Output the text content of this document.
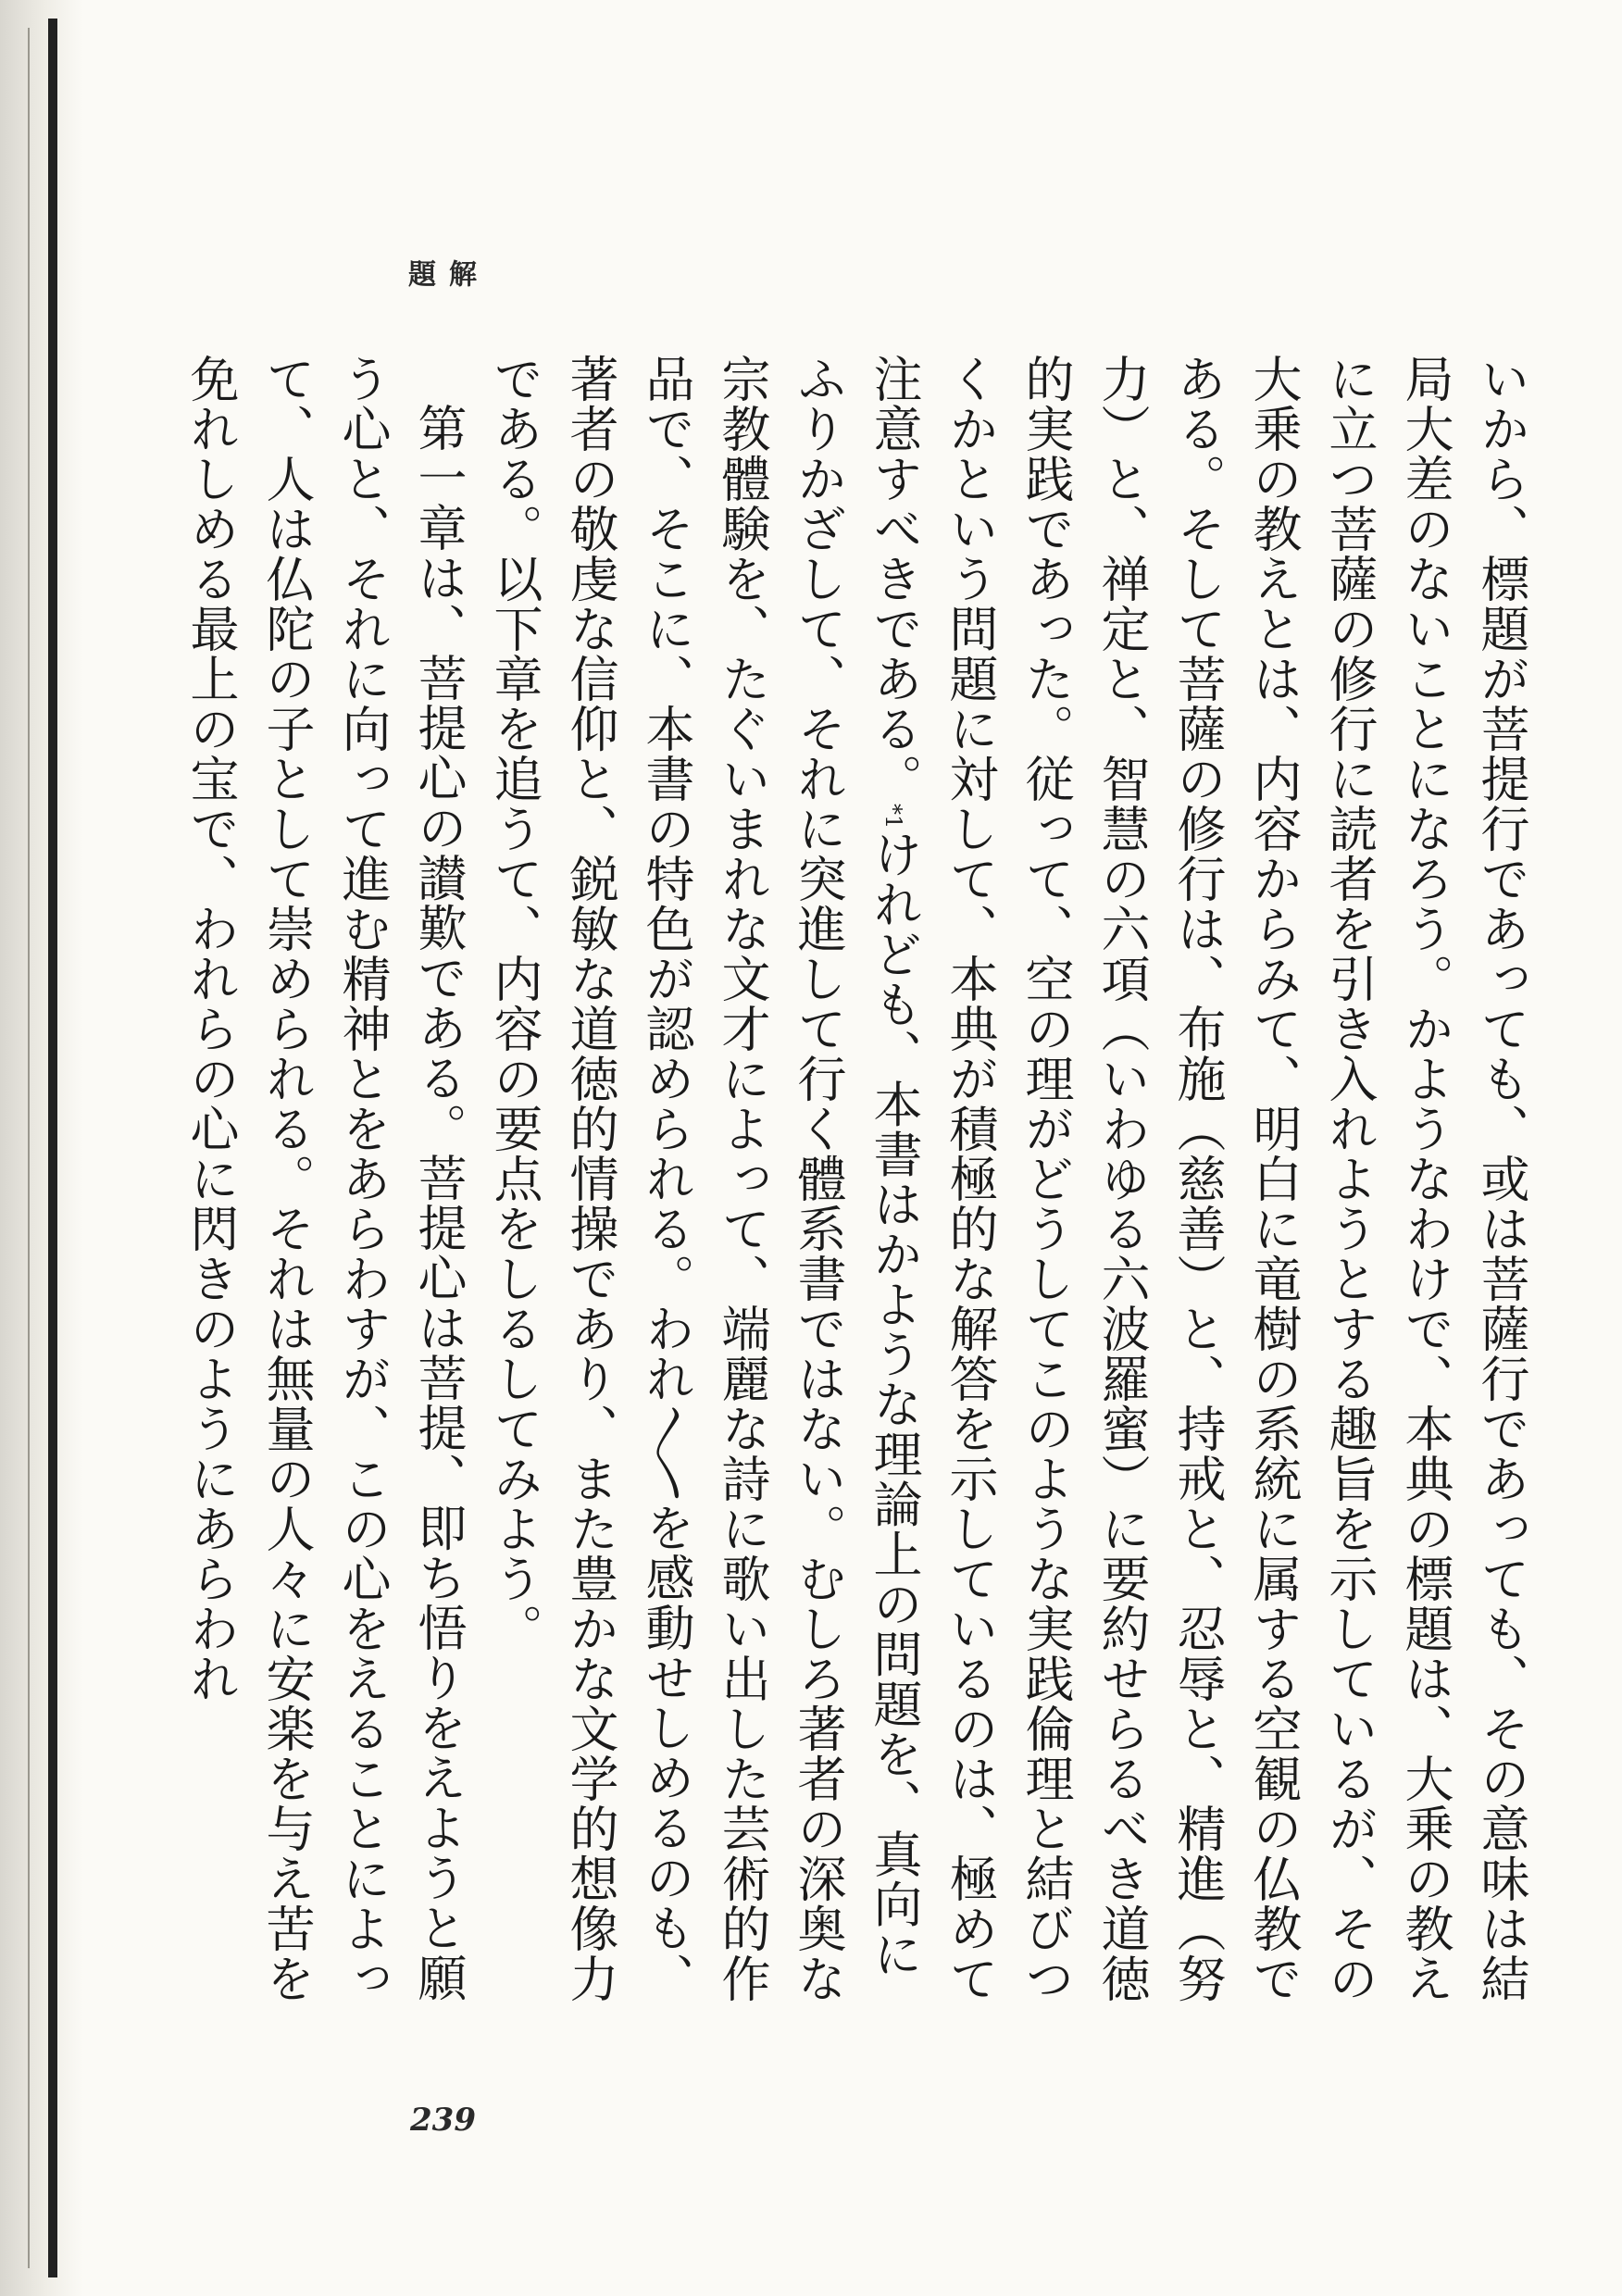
解　題

いから、標題が菩提行であっても、或は菩薩行であっても、その意味は結局大差のないことになろう。かようなわけで、本典の標題は、大乗の教えに立つ菩薩の修行に読者を引き入れようとする趣旨を示しているが、その大乗の教えとは、内容からみて、明白に竜樹の系統に属する空観の仏教である。そして菩薩の修行は、布施（慈善）と、持戒と、忍辱と、精進（努力）と、禅定と、智慧の六項（いわゆる六波羅蜜）に要約せらるべき道徳的実践であった。従って、空の理がどうしてこのような実践倫理と結びつくかという問題に対して、本典が積極的な解答を示しているのは、極めて注意すべきである。*1けれども、本書はかような理論上の問題を、真向にふりかざして、それに突進して行く體系書ではない。むしろ著者の深奥な宗教體験を、たぐいまれな文才によって、端麗な詩に歌い出した芸術的作品で、そこに、本書の特色が認められる。われ〳〵を感動せしめるのも、著者の敬虔な信仰と、鋭敏な道徳的情操であり、また豊かな文学的想像力である。以下章を追うて、内容の要点をしるしてみよう。

第一章は、菩提心の讃歎である。菩提心は菩提、即ち悟りをえようと願う心と、それに向って進む精神とをあらわすが、この心をえることによって、人は仏陀の子として崇められる。それは無量の人々に安楽を与え苦を免れしめる最上の宝で、われらの心に閃きのようにあらわれ

239
